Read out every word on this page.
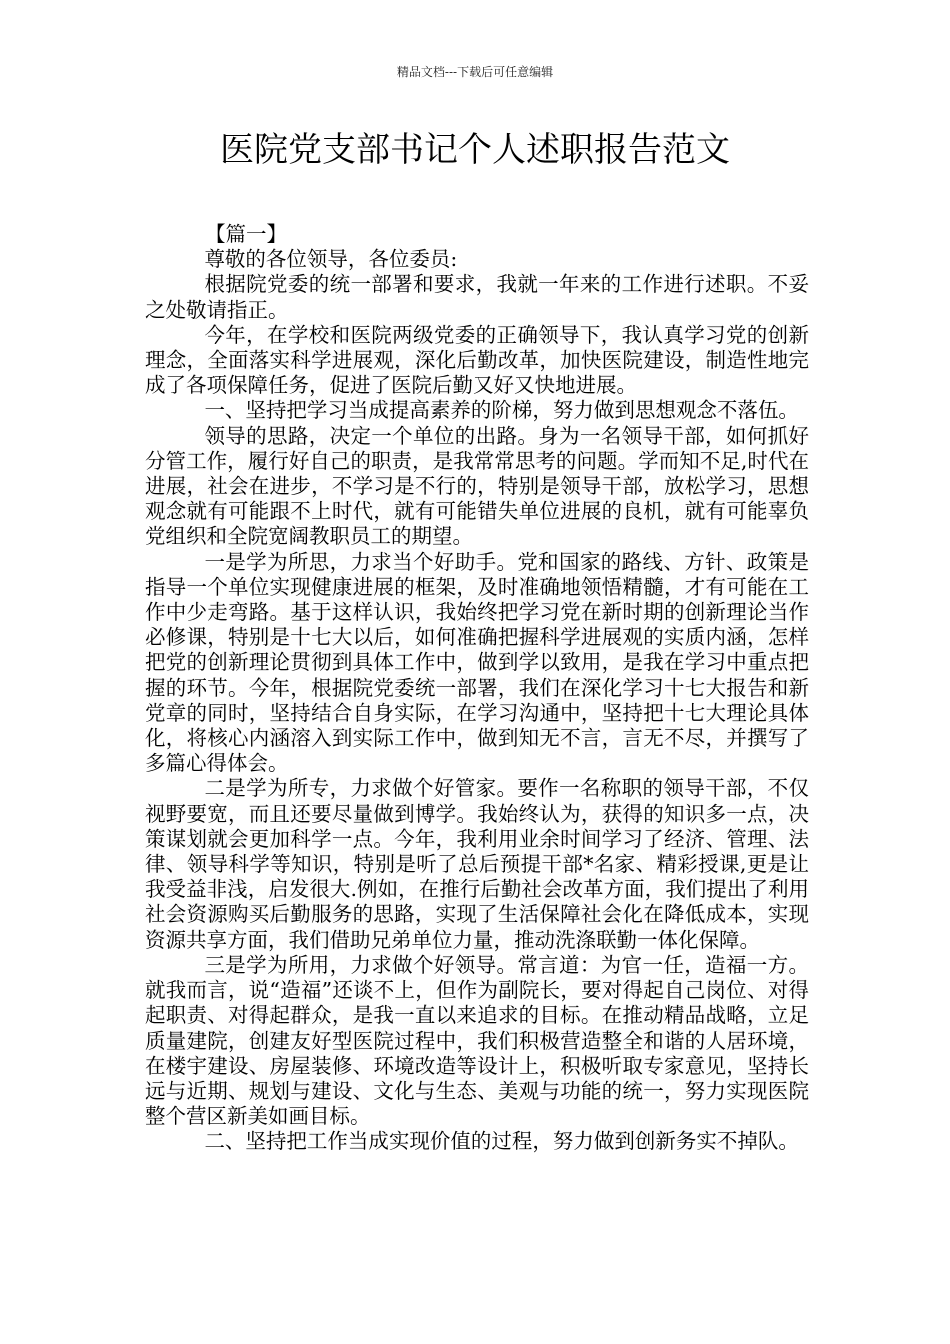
精品文档---下载后可任意编辑
医院党支部书记个人述职报告范文

【篇一】

尊敬的各位领导，各位委员:

根据院党委的统一部署和要求，我就一年来的工作进行述职。不妥之处敬请指正。

今年，在学校和医院两级党委的正确领导下，我认真学习党的创新理念，全面落实科学进展观，深化后勤改革，加快医院建设，制造性地完成了各项保障任务，促进了医院后勤又好又快地进展。

一、坚持把学习当成提高素养的阶梯，努力做到思想观念不落伍。

领导的思路，决定一个单位的出路。身为一名领导干部，如何抓好分管工作，履行好自己的职责，是我常常思考的问题。学而知不足,时代在进展，社会在进步，不学习是不行的，特别是领导干部，放松学习，思想观念就有可能跟不上时代，就有可能错失单位进展的良机，就有可能辜负党组织和全院宽阔教职员工的期望。

一是学为所思，力求当个好助手。党和国家的路线、方针、政策是指导一个单位实现健康进展的框架，及时准确地领悟精髓，才有可能在工作中少走弯路。基于这样认识，我始终把学习党在新时期的创新理论当作必修课，特别是十七大以后，如何准确把握科学进展观的实质内涵，怎样把党的创新理论贯彻到具体工作中，做到学以致用，是我在学习中重点把握的环节。今年，根据院党委统一部署，我们在深化学习十七大报告和新党章的同时，坚持结合自身实际，在学习沟通中，坚持把十七大理论具体化，将核心内涵溶入到实际工作中，做到知无不言，言无不尽，并撰写了多篇心得体会。

二是学为所专，力求做个好管家。要作一名称职的领导干部，不仅视野要宽，而且还要尽量做到博学。我始终认为，获得的知识多一点，决策谋划就会更加科学一点。今年，我利用业余时间学习了经济、管理、法律、领导科学等知识，特别是听了总后预提干部*名家、精彩授课,更是让我受益非浅，启发很大.例如，在推行后勤社会改革方面，我们提出了利用社会资源购买后勤服务的思路，实现了生活保障社会化在降低成本，实现资源共享方面，我们借助兄弟单位力量，推动洗涤联勤一体化保障。

三是学为所用，力求做个好领导。常言道：为官一任，造福一方。就我而言，说“造福”还谈不上，但作为副院长，要对得起自己岗位、对得起职责、对得起群众，是我一直以来追求的目标。在推动精品战略，立足质量建院，创建友好型医院过程中，我们积极营造整全和谐的人居环境，在楼宇建设、房屋装修、环境改造等设计上，积极听取专家意见，坚持长远与近期、规划与建设、文化与生态、美观与功能的统一，努力实现医院整个营区新美如画目标。

二、坚持把工作当成实现价值的过程，努力做到创新务实不掉队。
